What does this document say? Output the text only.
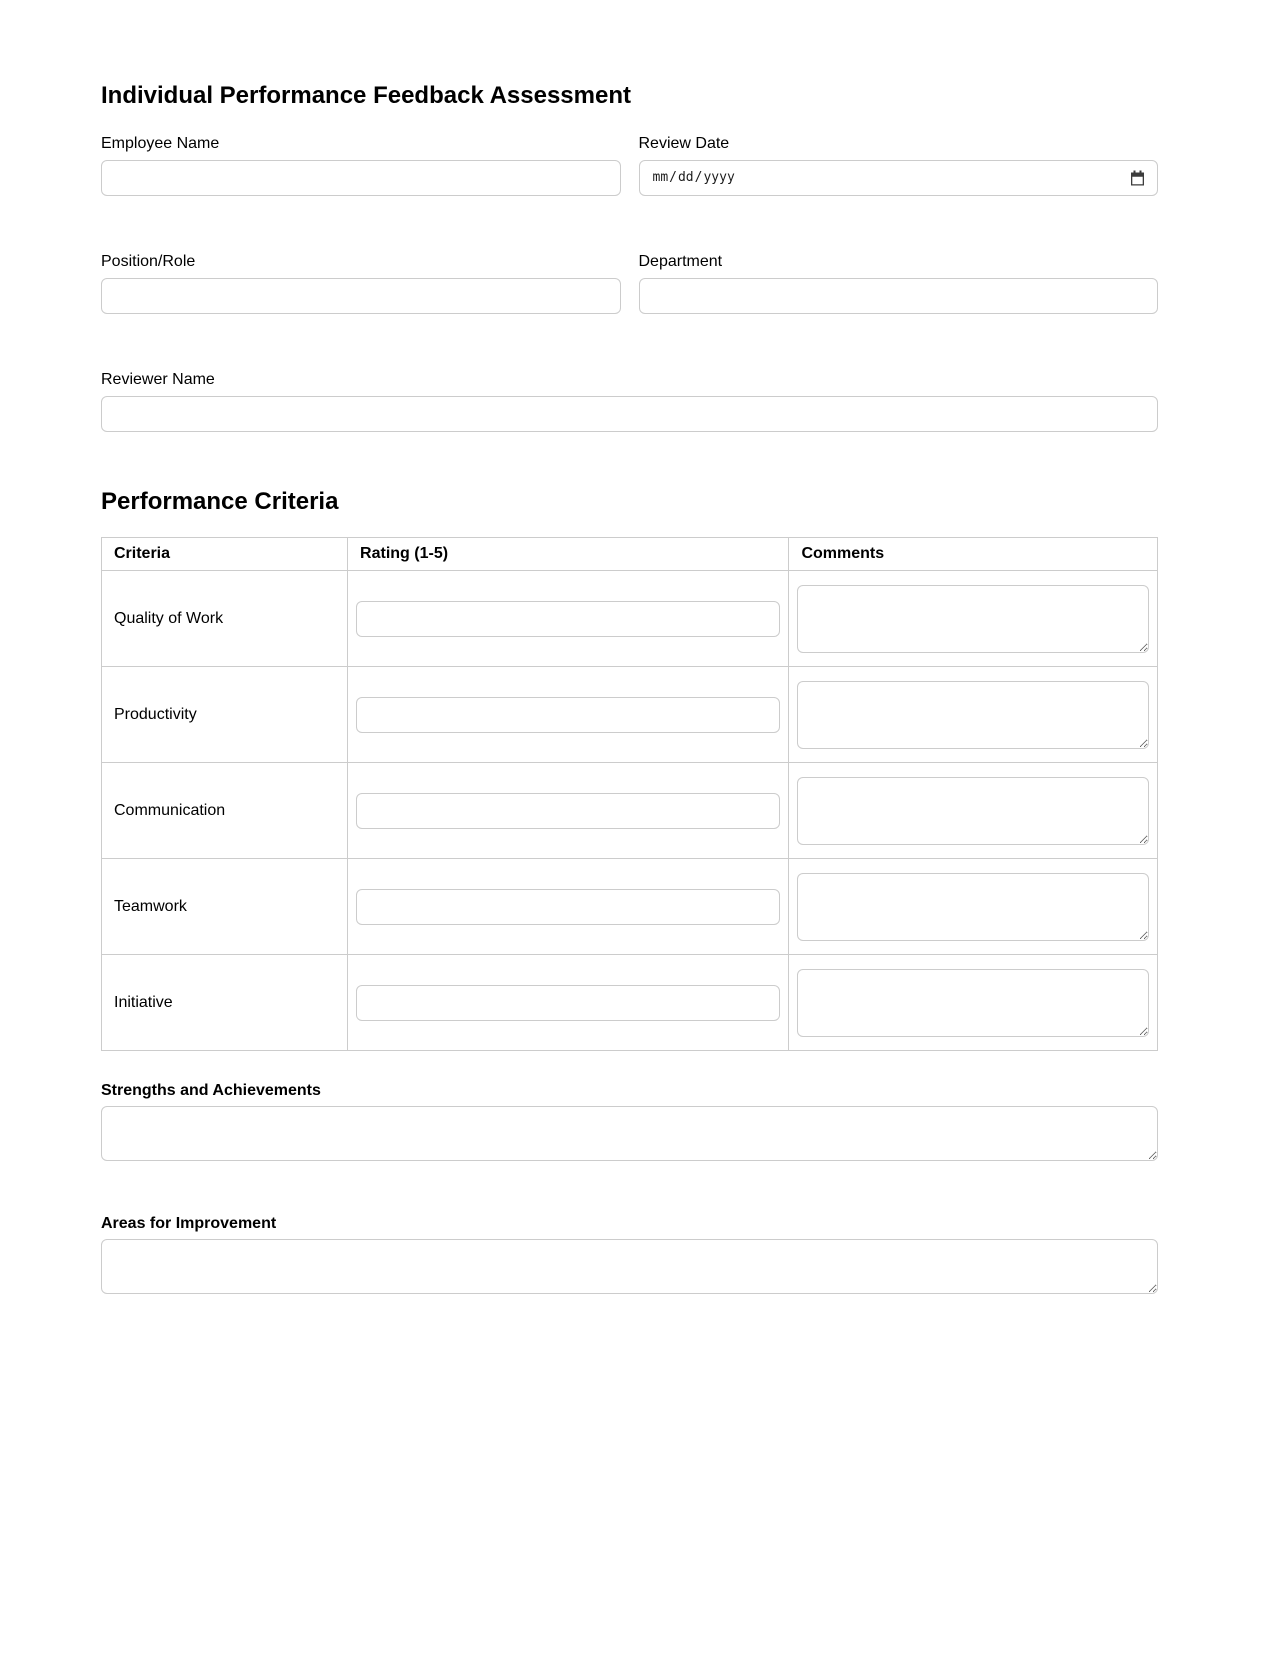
Individual Performance Feedback Assessment
Employee Name	Review Date
Position/Role	Department
Reviewer Name
Performance Criteria
Criteria	Rating (1-5)	Comments
Quality of Work		

Productivity		

Communication		

Teamwork		

Initiative		
Strengths and Achievements
Areas for Improvement
